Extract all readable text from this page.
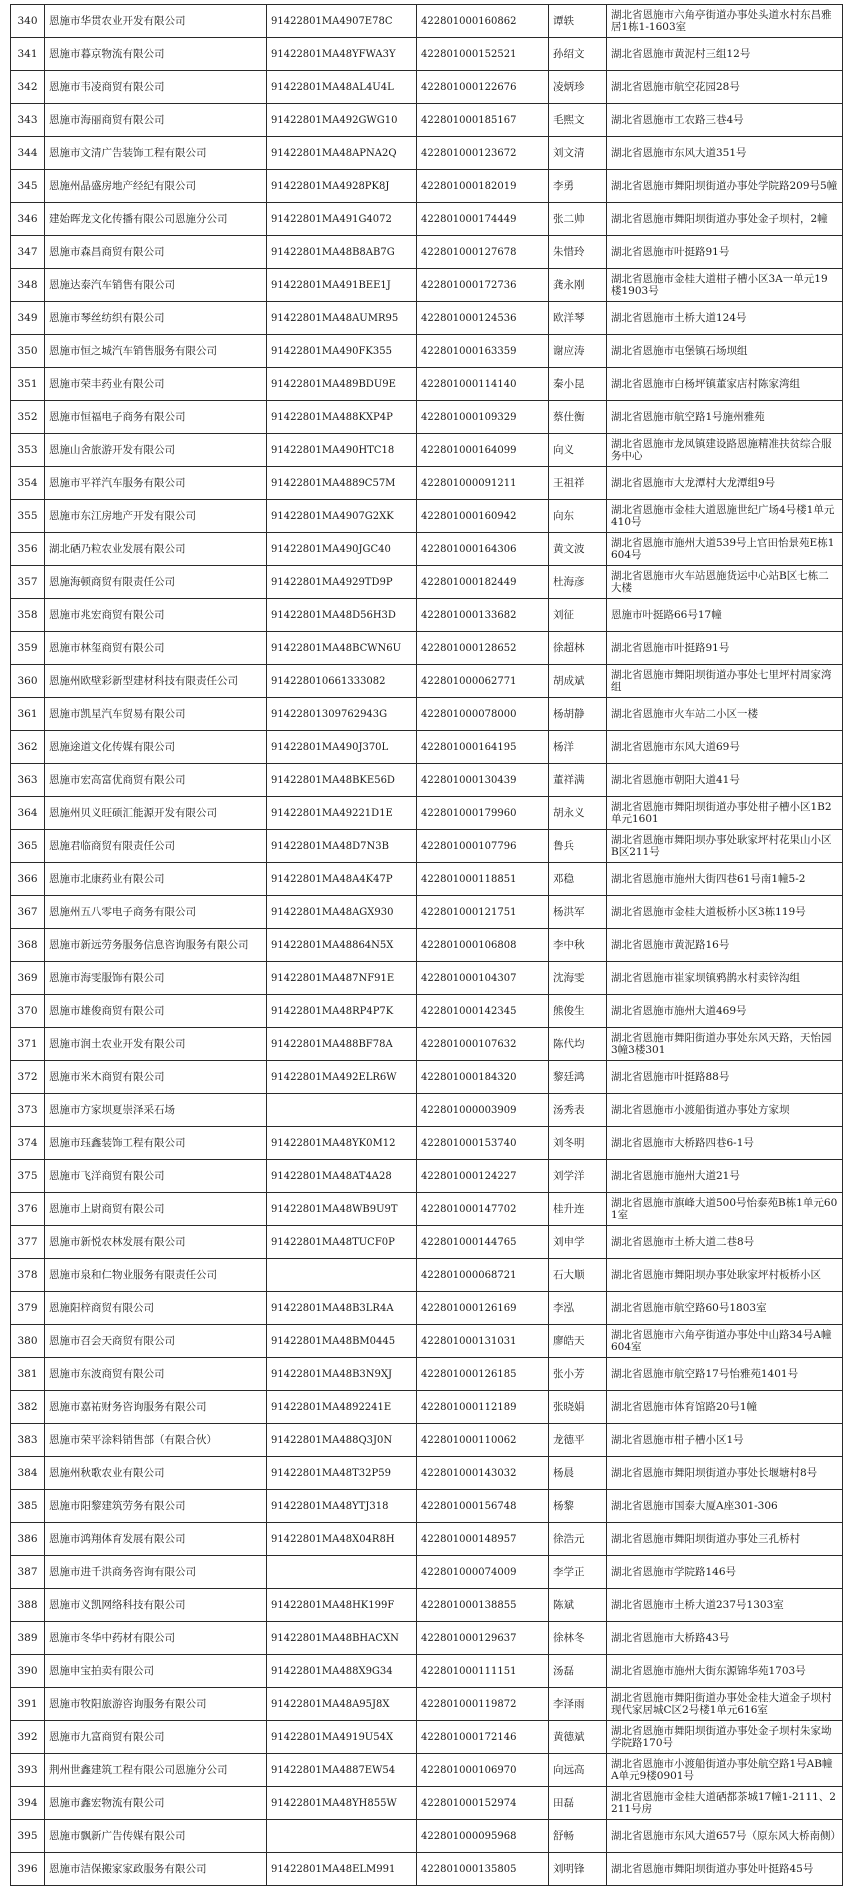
340	恩施市华贯农业开发有限公司	91422801MA4907E78C	422801000160862	谭轶	湖北省恩施市六角亭街道办事处头道水村东昌雅居1栋1-1603室
341	恩施市暮京物流有限公司	91422801MA48YFWA3Y	422801000152521	孙绍文	湖北省恩施市黄泥村三组12号
342	恩施市韦凌商贸有限公司	91422801MA48AL4U4L	422801000122676	凌炳珍	湖北省恩施市航空花园28号
343	恩施市海丽商贸有限公司	91422801MA492GWG10	422801000185167	毛熙文	湖北省恩施市工农路三巷4号
344	恩施市文清广告装饰工程有限公司	91422801MA48APNA2Q	422801000123672	刘文清	湖北省恩施市东风大道351号
345	恩施州晶盛房地产经纪有限公司	91422801MA4928PK8J	422801000182019	李勇	湖北省恩施市舞阳坝街道办事处学院路209号5幢
346	建始晖龙文化传播有限公司恩施分公司	91422801MA491G4072	422801000174449	张二帅	湖北省恩施市舞阳坝街道办事处金子坝村，2幢
347	恩施市森昌商贸有限公司	91422801MA48B8AB7G	422801000127678	朱惜玲	湖北省恩施市叶挺路91号
348	恩施达泰汽车销售有限公司	91422801MA491BEE1J	422801000172736	龚永刚	湖北省恩施市金桂大道柑子槽小区3A一单元19楼1903号
349	恩施市琴丝纺织有限公司	91422801MA48AUMR95	422801000124536	欧洋琴	湖北省恩施市土桥大道124号
350	恩施市恒之城汽车销售服务有限公司	91422801MA490FK355	422801000163359	谢应涛	湖北省恩施市屯堡镇石场坝组
351	恩施市荣丰药业有限公司	91422801MA489BDU9E	422801000114140	秦小昆	湖北省恩施市白杨坪镇董家店村陈家湾组
352	恩施市恒福电子商务有限公司	91422801MA488KXP4P	422801000109329	蔡仕衡	湖北省恩施市航空路1号施州雅苑
353	恩施山舍旅游开发有限公司	91422801MA490HTC18	422801000164099	向义	湖北省恩施市龙凤镇建设路恩施精准扶贫综合服务中心
354	恩施市平祥汽车服务有限公司	91422801MA4889C57M	422801000091211	王祖祥	湖北省恩施市大龙潭村大龙潭组9号
355	恩施市东江房地产开发有限公司	91422801MA4907G2XK	422801000160942	向东	湖北省恩施市金桂大道恩施世纪广场4号楼1单元410号
356	湖北硒乃粒农业发展有限公司	91422801MA490JGC40	422801000164306	黄文波	湖北省恩施市施州大道539号上官田怡景苑E栋1604号
357	恩施海顿商贸有限责任公司	91422801MA4929TD9P	422801000182449	杜海彦	湖北省恩施市火车站恩施货运中心站B区七栋二大楼
358	恩施市兆宏商贸有限公司	91422801MA48D56H3D	422801000133682	刘征	恩施市叶挺路66号17幢
359	恩施市林玺商贸有限公司	91422801MA48BCWN6U	422801000128652	徐超林	湖北省恩施市叶挺路91号
360	恩施州欧壁彩新型建材科技有限责任公司	914228010661333082	422801000062771	胡成斌	湖北省恩施市舞阳坝街道办事处七里坪村周家湾组
361	恩施市凯星汽车贸易有限公司	91422801309762943G	422801000078000	杨胡静	湖北省恩施市火车站二小区一楼
362	恩施途道文化传媒有限公司	91422801MA490J370L	422801000164195	杨洋	湖北省恩施市东风大道69号
363	恩施市宏高富优商贸有限公司	91422801MA48BKE56D	422801000130439	董祥满	湖北省恩施市朝阳大道41号
364	恩施州贝义旺硕汇能源开发有限公司	91422801MA49221D1E	422801000179960	胡永义	湖北省恩施市舞阳坝街道办事处柑子槽小区1B2单元1601
365	恩施君临商贸有限责任公司	91422801MA48D7N3B	422801000107796	鲁兵	湖北省恩施市舞阳坝办事处耿家坪村花果山小区B区211号
366	恩施市北康药业有限公司	91422801MA48A4K47P	422801000118851	邓稳	湖北省恩施市施州大街四巷61号南1幢5-2
367	恩施州五八零电子商务有限公司	91422801MA48AGX930	422801000121751	杨洪军	湖北省恩施市金桂大道板桥小区3栋119号
368	恩施市新远劳务服务信息咨询服务有限公司	91422801MA48864N5X	422801000106808	李中秋	湖北省恩施市黄泥路16号
369	恩施市海雯服饰有限公司	91422801MA487NF91E	422801000104307	沈海雯	湖北省恩施市崔家坝镇鸦鹊水村卖锌沟组
370	恩施市雄俊商贸有限公司	91422801MA48RP4P7K	422801000142345	熊俊生	湖北省恩施市施州大道469号
371	恩施市润土农业开发有限公司	91422801MA488BF78A	422801000107632	陈代均	湖北省恩施市舞阳街道办事处东风天路，天怡园3幢3楼301
372	恩施市米木商贸有限公司	91422801MA492ELR6W	422801000184320	黎廷鸿	湖北省恩施市叶挺路88号
373	恩施市方家坝夏崇泽采石场		422801000003909	汤秀表	湖北省恩施市小渡船街道办事处方家坝
374	恩施市珏鑫装饰工程有限公司	91422801MA48YK0M12	422801000153740	刘冬明	湖北省恩施市大桥路四巷6-1号
375	恩施市飞洋商贸有限公司	91422801MA48AT4A28	422801000124227	刘学洋	湖北省恩施市施州大道21号
376	恩施市上尉商贸有限公司	91422801MA48WB9U9T	422801000147702	桂升连	湖北省恩施市旗峰大道500号怡泰苑B栋1单元601室
377	恩施市新悦农林发展有限公司	91422801MA48TUCF0P	422801000144765	刘申学	湖北省恩施市土桥大道二巷8号
378	恩施市泉和仁物业服务有限责任公司		422801000068721	石大顺	湖北省恩施市舞阳坝办事处耿家坪村板桥小区
379	恩施阳梓商贸有限公司	91422801MA48B3LR4A	422801000126169	李泓	湖北省恩施市航空路60号1803室
380	恩施市召会天商贸有限公司	91422801MA48BM0445	422801000131031	廖皓天	湖北省恩施市六角亭街道办事处中山路34号A幢604室
381	恩施市东波商贸有限公司	91422801MA48B3N9XJ	422801000126185	张小芳	湖北省恩施市航空路17号怡雅苑1401号
382	恩施市嘉祐财务咨询服务有限公司	91422801MA4892241E	422801000112189	张晓娟	湖北省恩施市体育馆路20号1幢
383	恩施市荣平涂料销售部（有限合伙）	91422801MA488Q3J0N	422801000110062	龙德平	湖北省恩施市柑子槽小区1号
384	恩施州秋歌农业有限公司	91422801MA48T32P59	422801000143032	杨晨	湖北省恩施市舞阳坝街道办事处长堰塘村8号
385	恩施市阳黎建筑劳务有限公司	91422801MA48YTJ318	422801000156748	杨黎	湖北省恩施市国泰大厦A座301-306
386	恩施市鸿翔体育发展有限公司	91422801MA48X04R8H	422801000148957	徐浩元	湖北省恩施市舞阳坝街道办事处三孔桥村
387	恩施市进千洪商务咨询有限公司		422801000074009	李学正	湖北省恩施市学院路146号
388	恩施市义凯网络科技有限公司	91422801MA48HK199F	422801000138855	陈斌	湖北省恩施市土桥大道237号1303室
389	恩施市冬华中药材有限公司	91422801MA48BHACXN	422801000129637	徐林冬	湖北省恩施市大桥路43号
390	恩施申宝拍卖有限公司	91422801MA488X9G34	422801000111151	汤磊	湖北省恩施市施州大街东源锦华苑1703号
391	恩施市牧阳旅游咨询服务有限公司	91422801MA48A95J8X	422801000119872	李泽雨	湖北省恩施市舞阳街道办事处金桂大道金子坝村现代家居城C区2号楼1单元616室
392	恩施市九富商贸有限公司	91422801MA4919U54X	422801000172146	黄德斌	湖北省恩施市舞阳坝街道办事处金子坝村朱家坳学院路170号
393	荆州世鑫建筑工程有限公司恩施分公司	91422801MA4887EW54	422801000106970	向远高	湖北省恩施市小渡船街道办事处航空路1号AB幢A单元9楼0901号
394	恩施市鑫宏物流有限公司	91422801MA48YH855W	422801000152974	田磊	湖北省恩施市金桂大道硒都茶城17幢1-2111、2211号房
395	恩施市飘新广告传媒有限公司		422801000095968	舒畅	湖北省恩施市东风大道657号（原东风大桥南侧）
396	恩施市洁保搬家家政服务有限公司	91422801MA48ELM991	422801000135805	刘明锋	湖北省恩施市舞阳坝街道办事处叶挺路45号
